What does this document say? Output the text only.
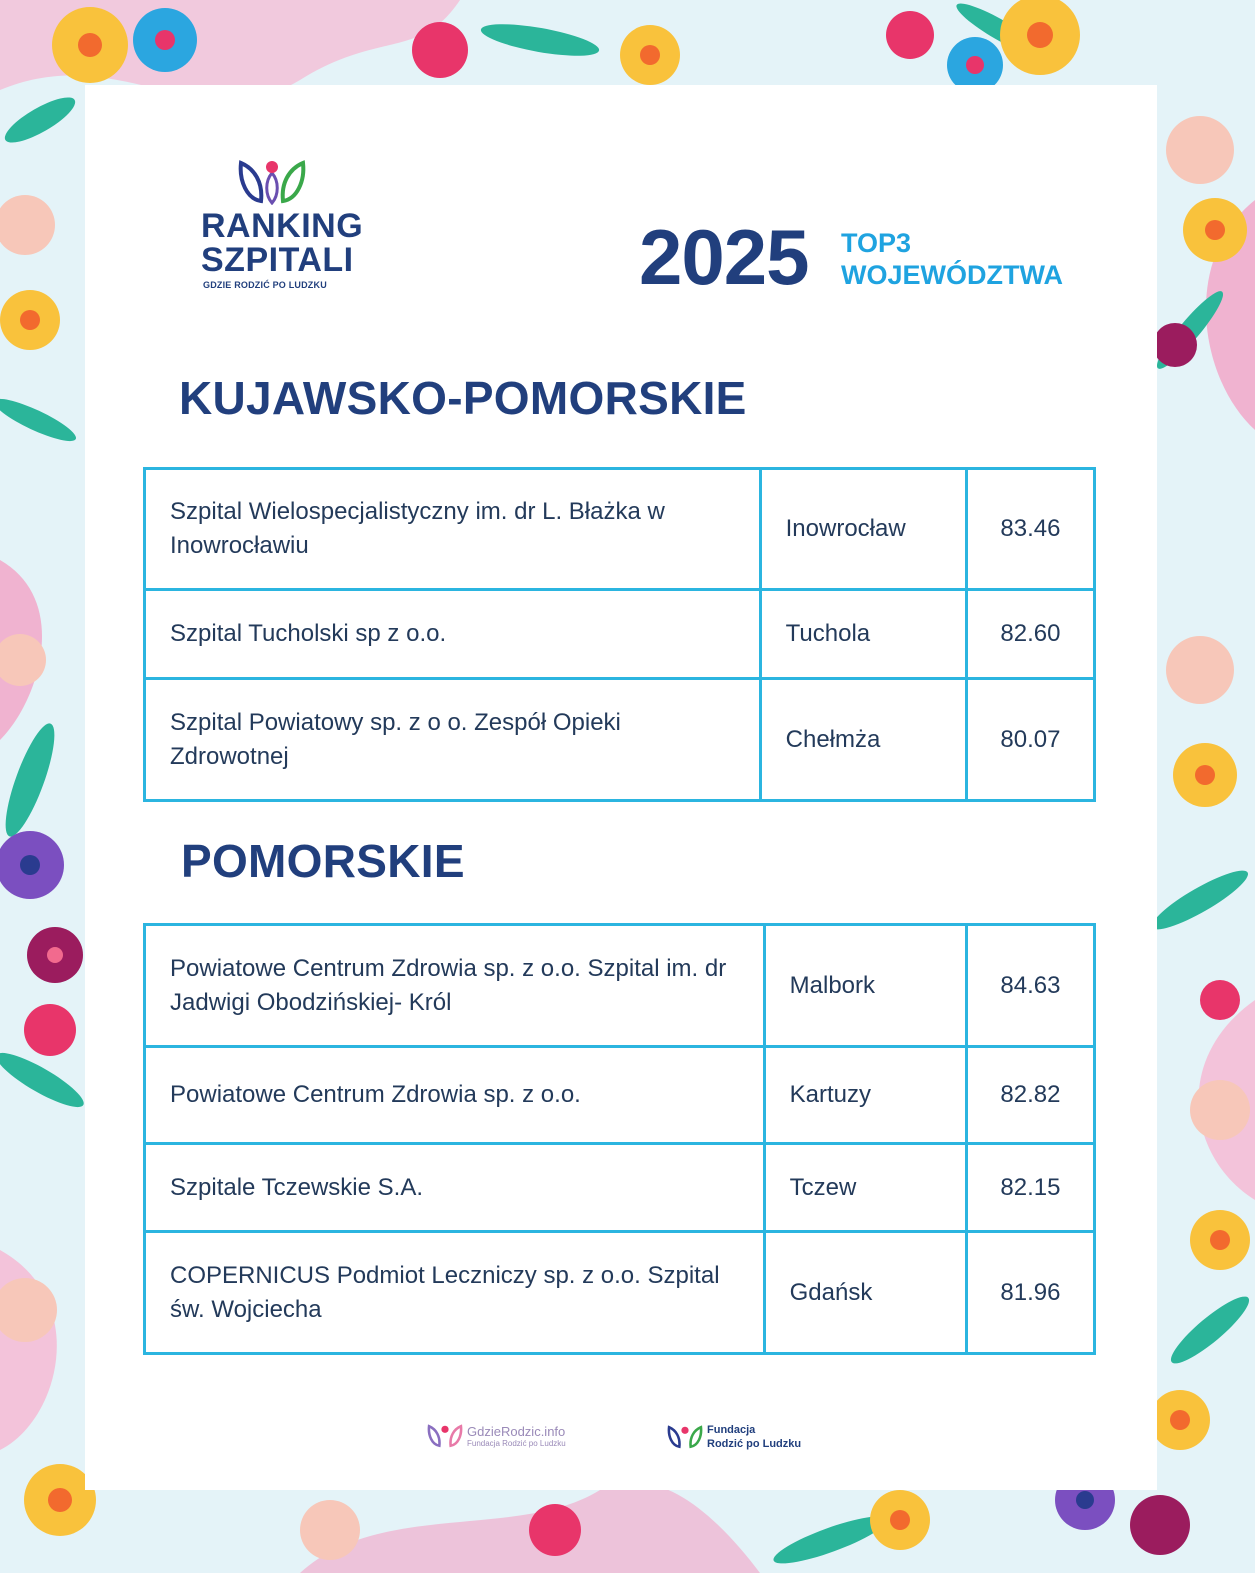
RANKING
SZPITALI
GDZIE RODZIĆ PO LUDZKU	2025 TOP3
WOJEWÓDZTWA
KUJAWSKO-POMORSKIE
Szpital Wielospecjalistyczny im. dr L. Błażka w Inowrocławiu	Inowrocław	83.46
Szpital Tucholski sp z o.o.	Tuchola	82.60
Szpital Powiatowy sp. z o o. Zespół Opieki Zdrowotnej	Chełmża	80.07
POMORSKIE
Powiatowe Centrum Zdrowia sp. z o.o. Szpital im. dr Jadwigi Obodzińskiej- Król	Malbork	84.63
Powiatowe Centrum Zdrowia sp. z o.o.	Kartuzy	82.82
Szpitale Tczewskie S.A.	Tczew	82.15
COPERNICUS Podmiot Leczniczy sp. z o.o. Szpital św. Wojciecha	Gdańsk	81.96
GdzieRodzic.info
Fundacja Rodzić po Ludzku
Fundacja
Rodzić po Ludzku
